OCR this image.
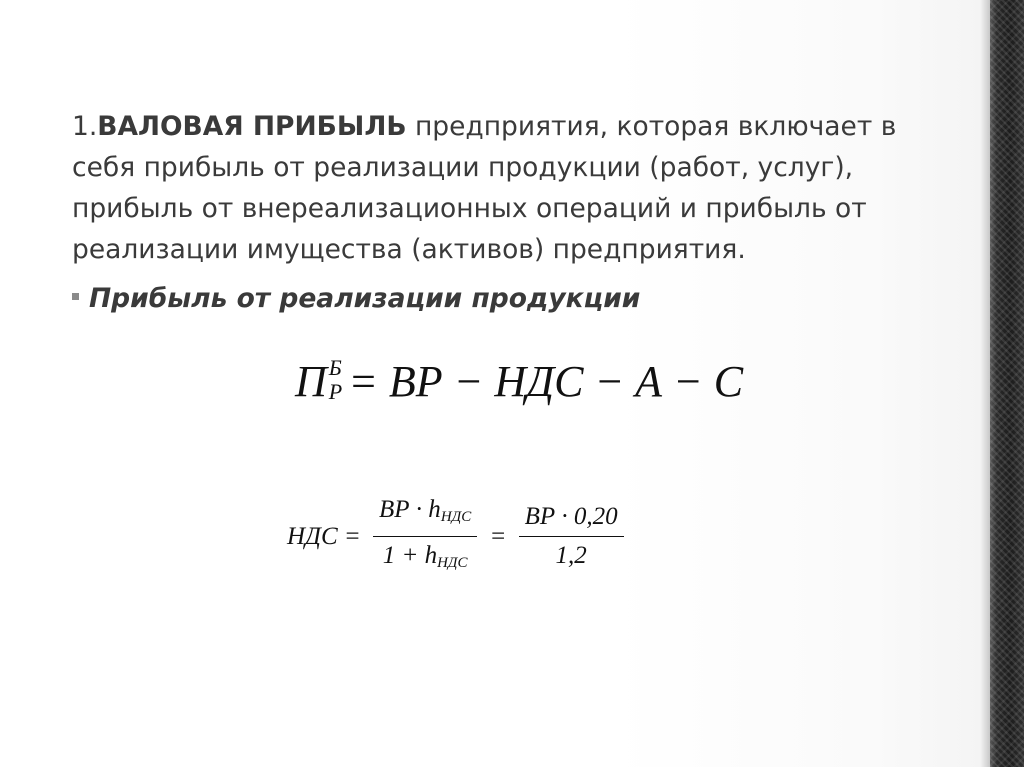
1.ВАЛОВАЯ ПРИБЫЛЬ предприятия, которая включает в себя прибыль от реализации продукции (работ, услуг), прибыль от внереализационных операций и прибыль от реализации имущества (активов) предприятия.

Прибыль от реализации продукции
П Б
Р = ВР − НДС − А − С
НДС = $\frac{ВР \cdot h_{НДС}}{1 + h_{НДС}} = \frac{ВР \cdot 0,20}{1,2}$
